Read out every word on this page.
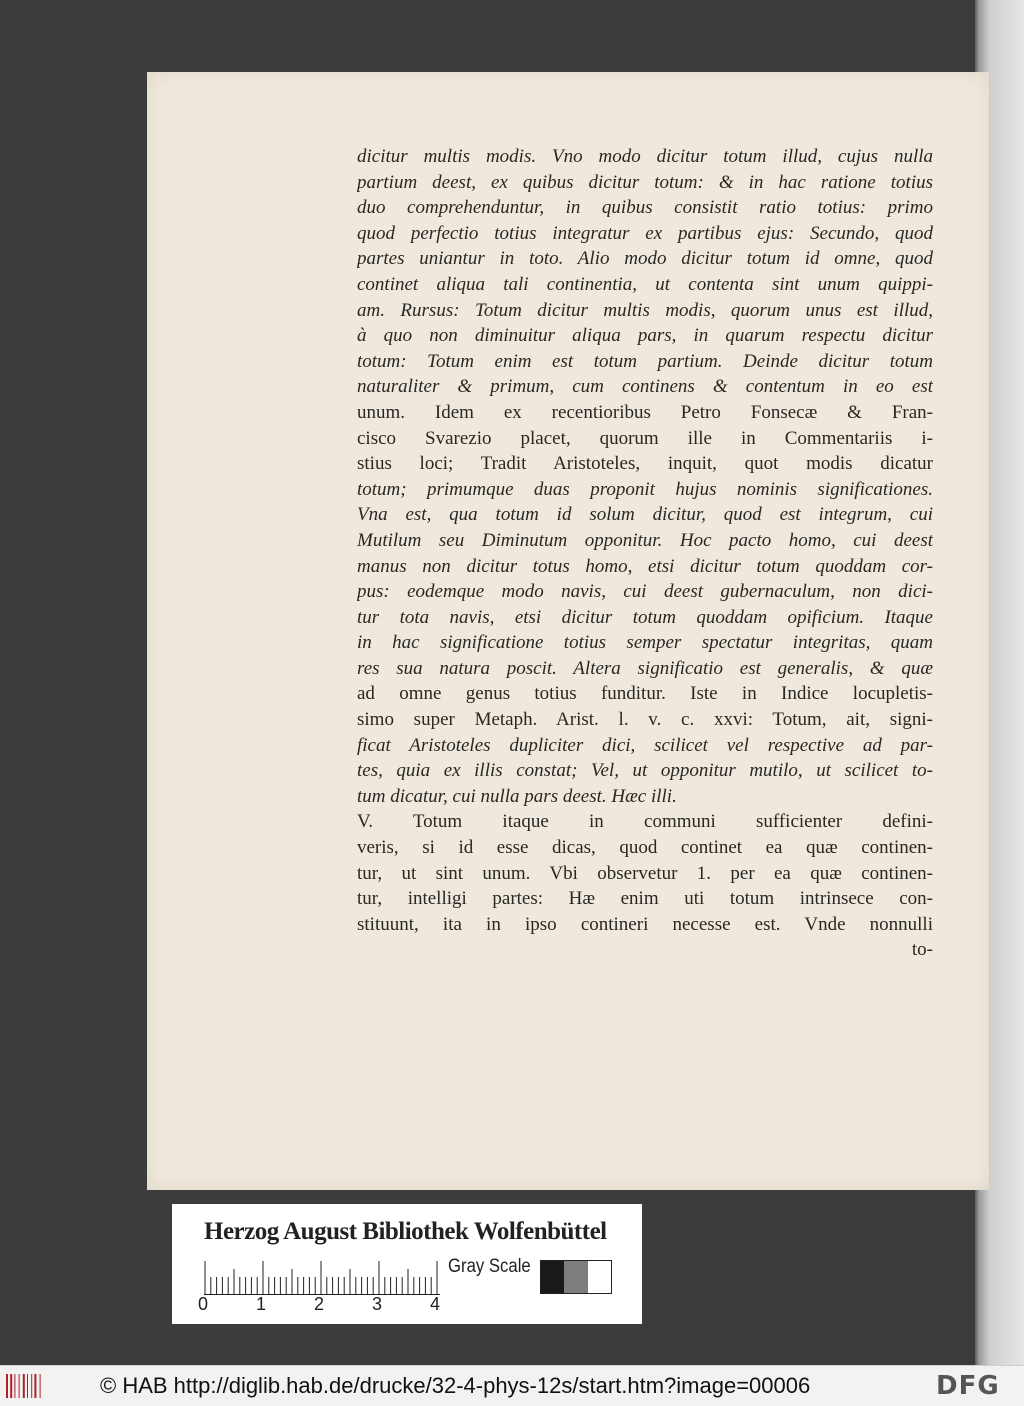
dicitur multis modis. Vno modo dicitur totum illud, cujus nulla
partium deest, ex quibus dicitur totum: & in hac ratione totius
duo comprehenduntur, in quibus consistit ratio totius: primo
quod perfectio totius integratur ex partibus ejus: Secundo, quod
partes uniantur in toto. Alio modo dicitur totum id omne, quod
continet aliqua tali continentia, ut contenta sint unum quippi-
am. Rursus: Totum dicitur multis modis, quorum unus est illud,
à quo non diminuitur aliqua pars, in quarum respectu dicitur
totum: Totum enim est totum partium. Deinde dicitur totum
naturaliter & primum, cum continens & contentum in eo est
unum. Idem ex recentioribus Petro Fonsecæ & Fran-
cisco Svarezio placet, quorum ille in Commentariis i-
stius loci; Tradit Aristoteles, inquit, quot modis dicatur
totum; primumque duas proponit hujus nominis significationes.
Vna est, qua totum id solum dicitur, quod est integrum, cui
Mutilum seu Diminutum opponitur. Hoc pacto homo, cui deest
manus non dicitur totus homo, etsi dicitur totum quoddam cor-
pus: eodemque modo navis, cui deest gubernaculum, non dici-
tur tota navis, etsi dicitur totum quoddam opificium. Itaque
in hac significatione totius semper spectatur integritas, quam
res sua natura poscit. Altera significatio est generalis, & quæ
ad omne genus totius funditur. Iste in Indice locupletis-
simo super Metaph. Arist. l. v. c. xxvi: Totum, ait, signi-
ficat Aristoteles dupliciter dici, scilicet vel respective ad par-
tes, quia ex illis constat; Vel, ut opponitur mutilo, ut scilicet to-
tum dicatur, cui nulla pars deest. Hæc illi.
V. Totum itaque in communi sufficienter defini-
veris, si id esse dicas, quod continet ea quæ continen-
tur, ut sint unum. Vbi observetur 1. per ea quæ continen-
tur, intelligi partes: Hæ enim uti totum intrinsece con-
stituunt, ita in ipso contineri necesse est. Vnde nonnulli
to-
Herzog August Bibliothek Wolfenbüttel
0	1	2	3	4
Gray Scale
© HAB http://diglib.hab.de/drucke/32-4-phys-12s/start.htm?image=00006	DFG
